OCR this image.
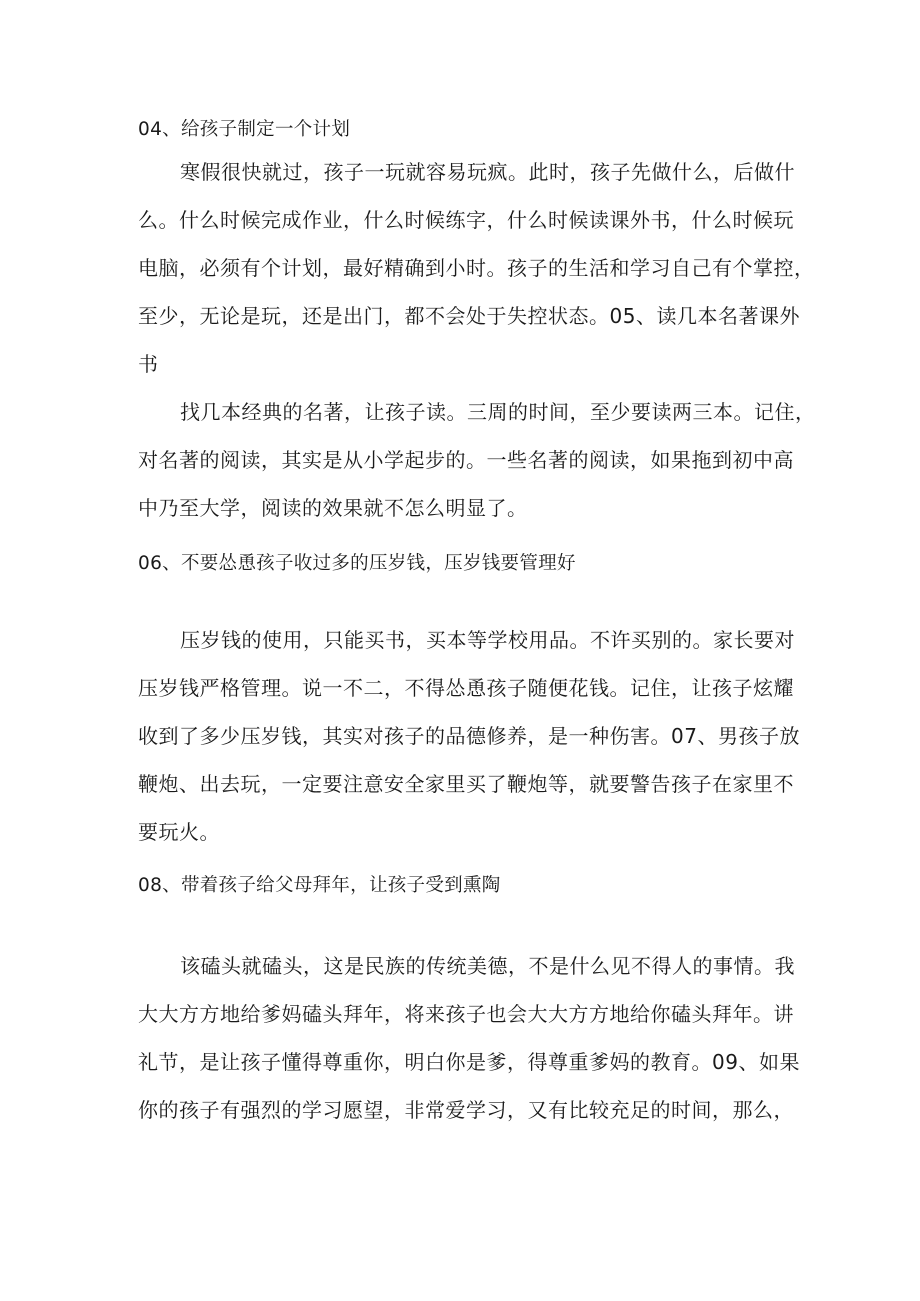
04、给孩子制定一个计划
寒假很快就过，孩子一玩就容易玩疯。此时，孩子先做什么，后做什
么。什么时候完成作业，什么时候练字，什么时候读课外书，什么时候玩
电脑，必须有个计划，最好精确到小时。孩子的生活和学习自己有个掌控，
至少，无论是玩，还是出门，都不会处于失控状态。05、读几本名著课外
书
找几本经典的名著，让孩子读。三周的时间，至少要读两三本。记住，
对名著的阅读，其实是从小学起步的。一些名著的阅读，如果拖到初中高
中乃至大学，阅读的效果就不怎么明显了。
06、不要怂恿孩子收过多的压岁钱，压岁钱要管理好
压岁钱的使用，只能买书，买本等学校用品。不许买别的。家长要对
压岁钱严格管理。说一不二，不得怂恿孩子随便花钱。记住，让孩子炫耀
收到了多少压岁钱，其实对孩子的品德修养，是一种伤害。07、男孩子放
鞭炮、出去玩，一定要注意安全家里买了鞭炮等，就要警告孩子在家里不
要玩火。
08、带着孩子给父母拜年，让孩子受到熏陶
该磕头就磕头，这是民族的传统美德，不是什么见不得人的事情。我
大大方方地给爹妈磕头拜年，将来孩子也会大大方方地给你磕头拜年。讲
礼节，是让孩子懂得尊重你，明白你是爹，得尊重爹妈的教育。09、如果
你的孩子有强烈的学习愿望，非常爱学习，又有比较充足的时间，那么，
